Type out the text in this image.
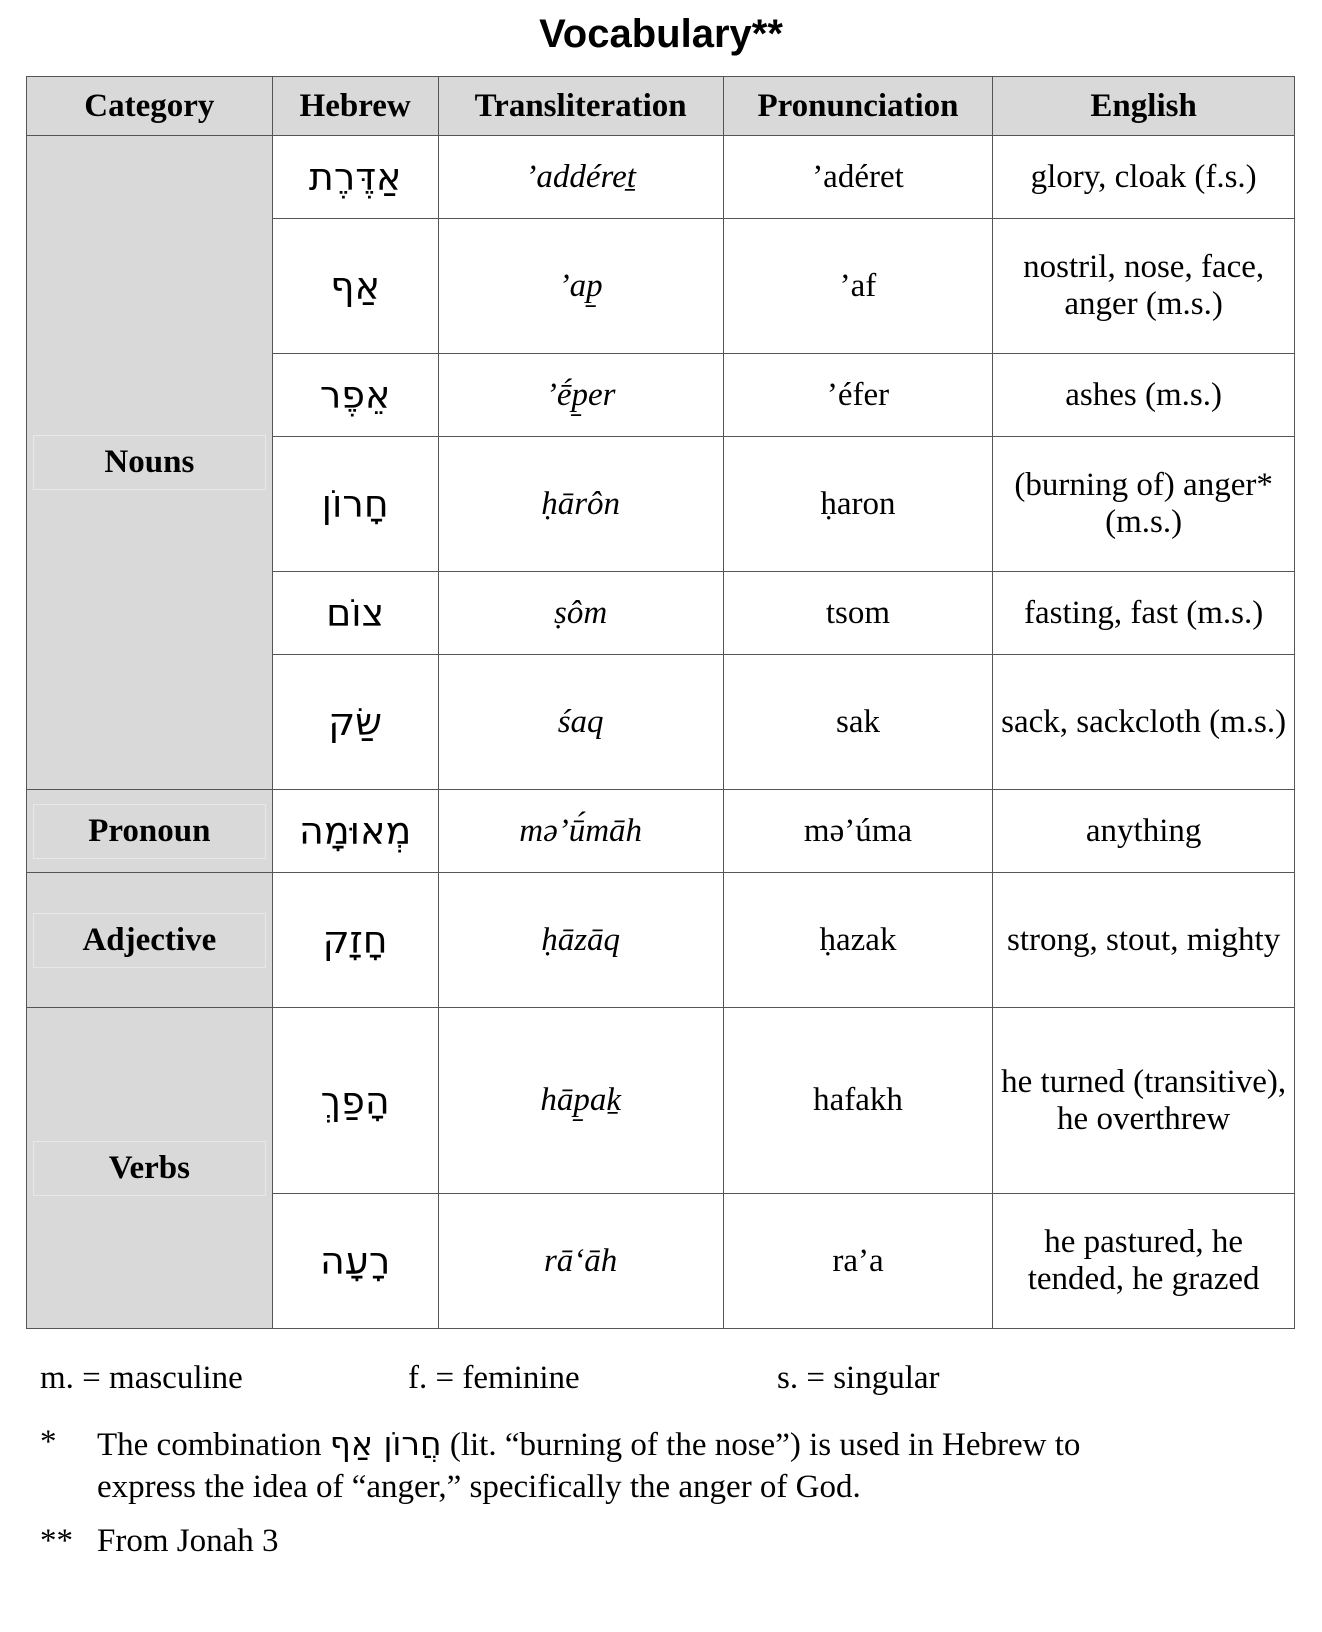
Vocabulary**
Category	Hebrew	Transliteration	Pronunciation	English

Nouns	אַדֶּרֶת	’addéreṯ	’adéret	glory, cloak (f.s.)
	אַף	’ap̱	’af	nostril, nose, face, anger (m.s.)
	אֵפֶר	’ḗp̱er	’éfer	ashes (m.s.)
	חָרוֹן	ḥārôn	ḥaron	(burning of) anger* (m.s.)
	צוֹם	ṣôm	tsom	fasting, fast (m.s.)
	שַׂק	śaq	sak	sack, sackcloth (m.s.)

Pronoun	מְאוּמָה	mə’ū́māh	mə’úma	anything

Adjective	חָזָק	ḥāzāq	ḥazak	strong, stout, mighty

Verbs	הָפַךְ	hāp̱aḵ	hafakh	he turned (transitive), he overthrew
	רָעָה	rā‘āh	ra’a	he pastured, he tended, he grazed
m. = masculine	f. = feminine	s. = singular
* The combination חֲרוֹן אַף (lit. “burning of the nose”) is used in Hebrew to
express the idea of “anger,” specifically the anger of God.
** From Jonah 3
